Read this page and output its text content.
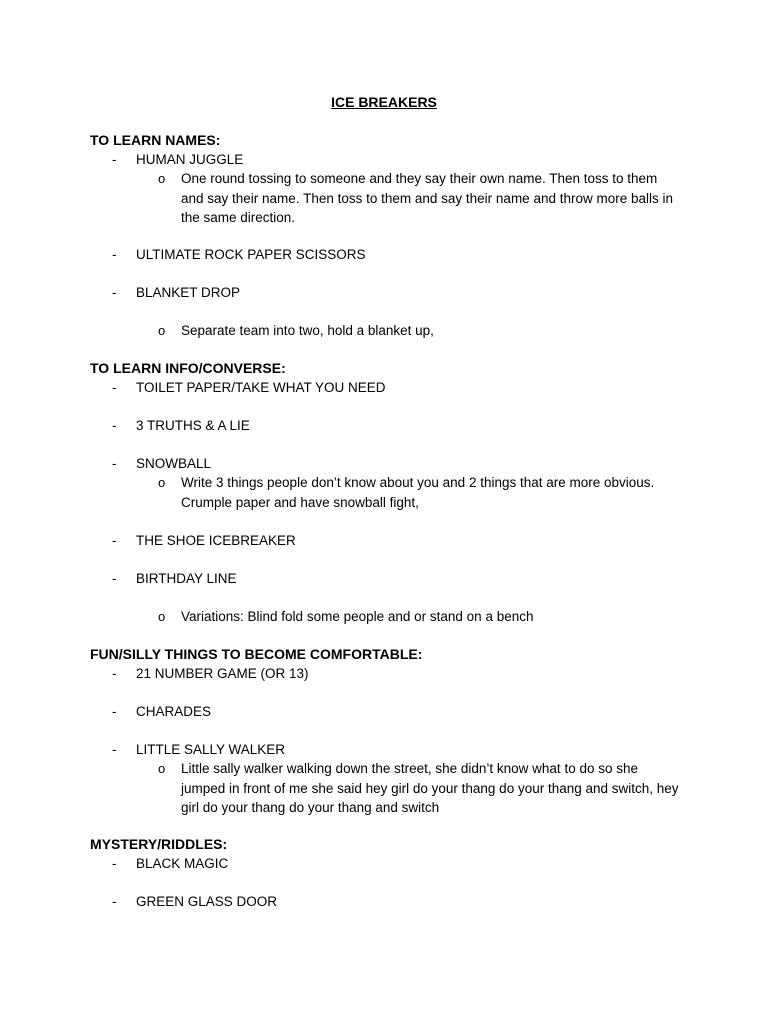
ICE BREAKERS
TO LEARN NAMES:
- HUMAN JUGGLE
o One round tossing to someone and they say their own name. Then toss to them and say their name. Then toss to them and say their name and throw more balls in the same direction.
- ULTIMATE ROCK PAPER SCISSORS
- BLANKET DROP
o Separate team into two, hold a blanket up,
TO LEARN INFO/CONVERSE:
- TOILET PAPER/TAKE WHAT YOU NEED
- 3 TRUTHS & A LIE
- SNOWBALL
o Write 3 things people don’t know about you and 2 things that are more obvious. Crumple paper and have snowball fight,
- THE SHOE ICEBREAKER
- BIRTHDAY LINE
o Variations: Blind fold some people and or stand on a bench
FUN/SILLY THINGS TO BECOME COMFORTABLE:
- 21 NUMBER GAME (OR 13)
- CHARADES
- LITTLE SALLY WALKER
o Little sally walker walking down the street, she didn’t know what to do so she jumped in front of me she said hey girl do your thang do your thang and switch, hey girl do your thang do your thang and switch
MYSTERY/RIDDLES:
- BLACK MAGIC
- GREEN GLASS DOOR
